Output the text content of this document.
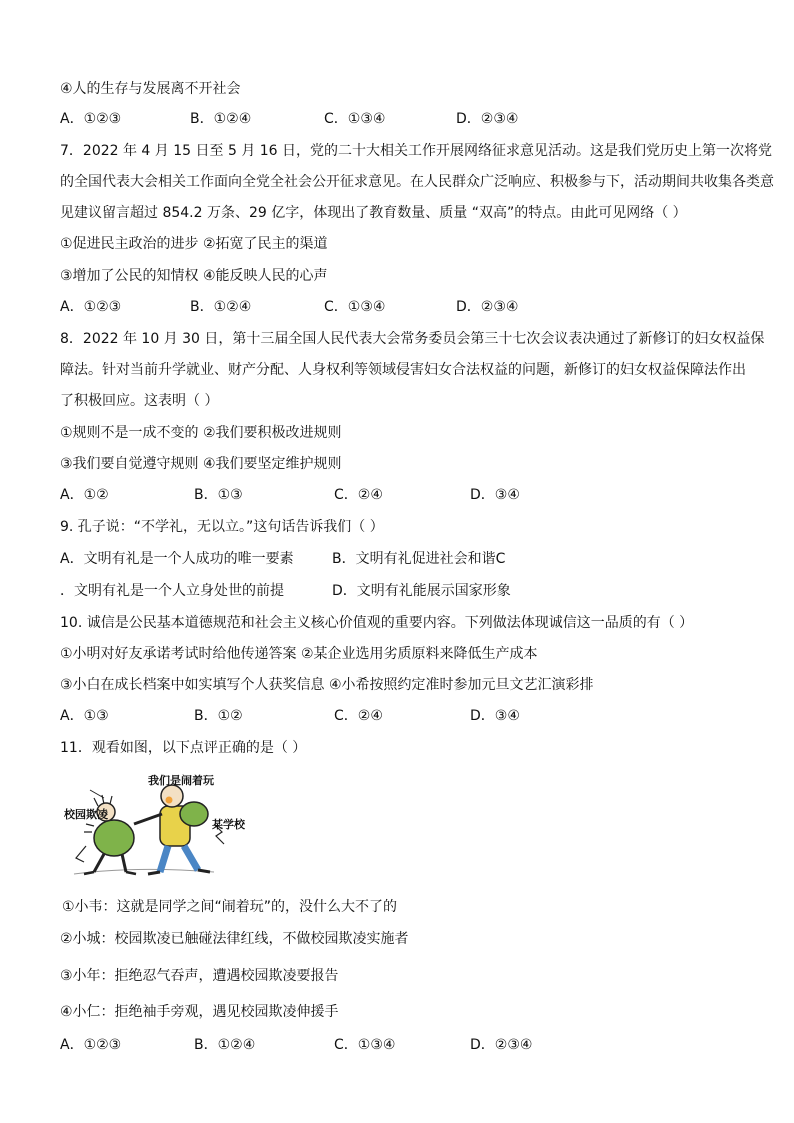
④人的生存与发展离不开社会
A．①②③	B．①②④	C．①③④	D．②③④
7．2022 年 4 月 15 日至 5 月 16 日，党的二十大相关工作开展网络征求意见活动。这是我们党历史上第一次将党
的全国代表大会相关工作面向全党全社会公开征求意见。在人民群众广泛响应、积极参与下，活动期间共收集各类意
见建议留言超过 854.2 万条、29 亿字，体现出了教育数量、质量 “双高”的特点。由此可见网络（ ）
①促进民主政治的进步 ②拓宽了民主的渠道
③增加了公民的知情权 ④能反映人民的心声
A．①②③	B．①②④	C．①③④	D．②③④
8．2022 年 10 月 30 日，第十三届全国人民代表大会常务委员会第三十七次会议表决通过了新修订的妇女权益保
障法。针对当前升学就业、财产分配、人身权利等领域侵害妇女合法权益的问题，新修订的妇女权益保障法作出
了积极回应。这表明（ ）
①规则不是一成不变的 ②我们要积极改进规则
③我们要自觉遵守规则 ④我们要坚定维护规则
A．①②	B．①③	C．②④	D．③④
9. 孔子说：“不学礼，无以立。”这句话告诉我们（ ）
A．文明有礼是一个人成功的唯一要素	B．文明有礼促进社会和谐C
．文明有礼是一个人立身处世的前提	D．文明有礼能展示国家形象
10. 诚信是公民基本道德规范和社会主义核心价值观的重要内容。下列做法体现诚信这一品质的有（ ）
①小明对好友承诺考试时给他传递答案 ②某企业选用劣质原料来降低生产成本
③小白在成长档案中如实填写个人获奖信息 ④小希按照约定准时参加元旦文艺汇演彩排
A．①③	B．①②	C．②④	D．③④
11．观看如图，以下点评正确的是（ ）
我们是闹着玩
校园欺凌
某学校
①小韦：这就是同学之间“闹着玩”的，没什么大不了的
②小城：校园欺凌已触碰法律红线，不做校园欺凌实施者
③小年：拒绝忍气吞声，遭遇校园欺凌要报告
④小仁：拒绝袖手旁观，遇见校园欺凌伸援手
A．①②③	B．①②④	C．①③④	D．②③④
